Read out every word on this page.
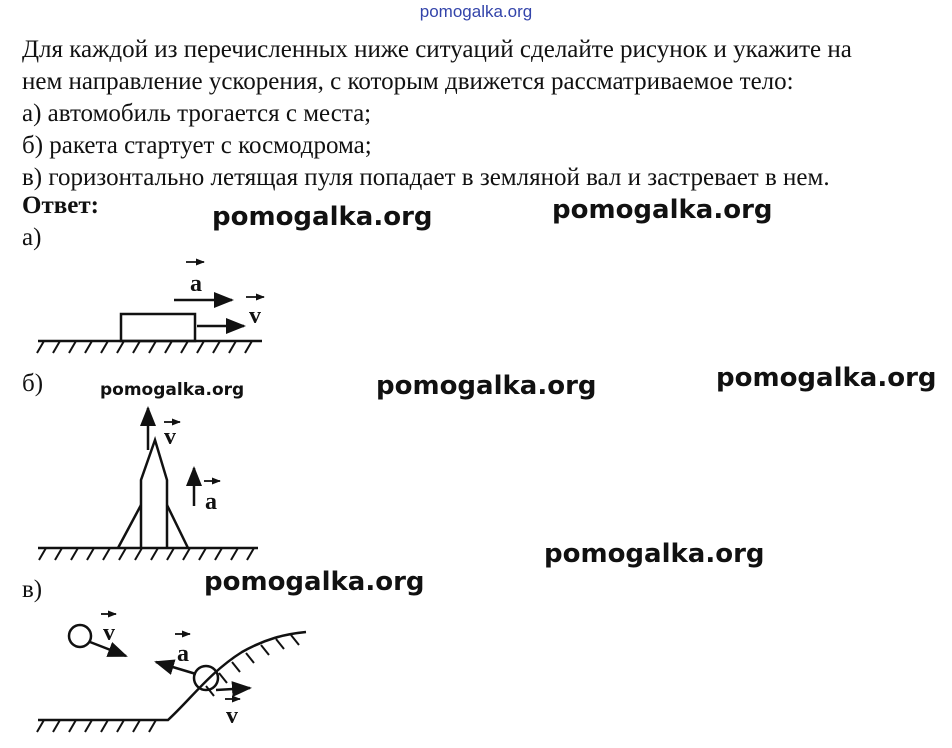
pomogalka.org

Для каждой из перечисленных ниже ситуаций сделайте рисунок и укажите на

нем направление ускорения, с которым движется рассматриваемое тело:

а) автомобиль трогается с места;

б) ракета стартует с космодрома;

в) горизонтально летящая пуля попадает в земляной вал и застревает в нем.

Ответ:
а)
б)
в)
pomogalka.org	pomogalka.org
pomogalka.org	pomogalka.org	pomogalka.org
pomogalka.org
pomogalka.org
a
v
v
a
v
a
v
